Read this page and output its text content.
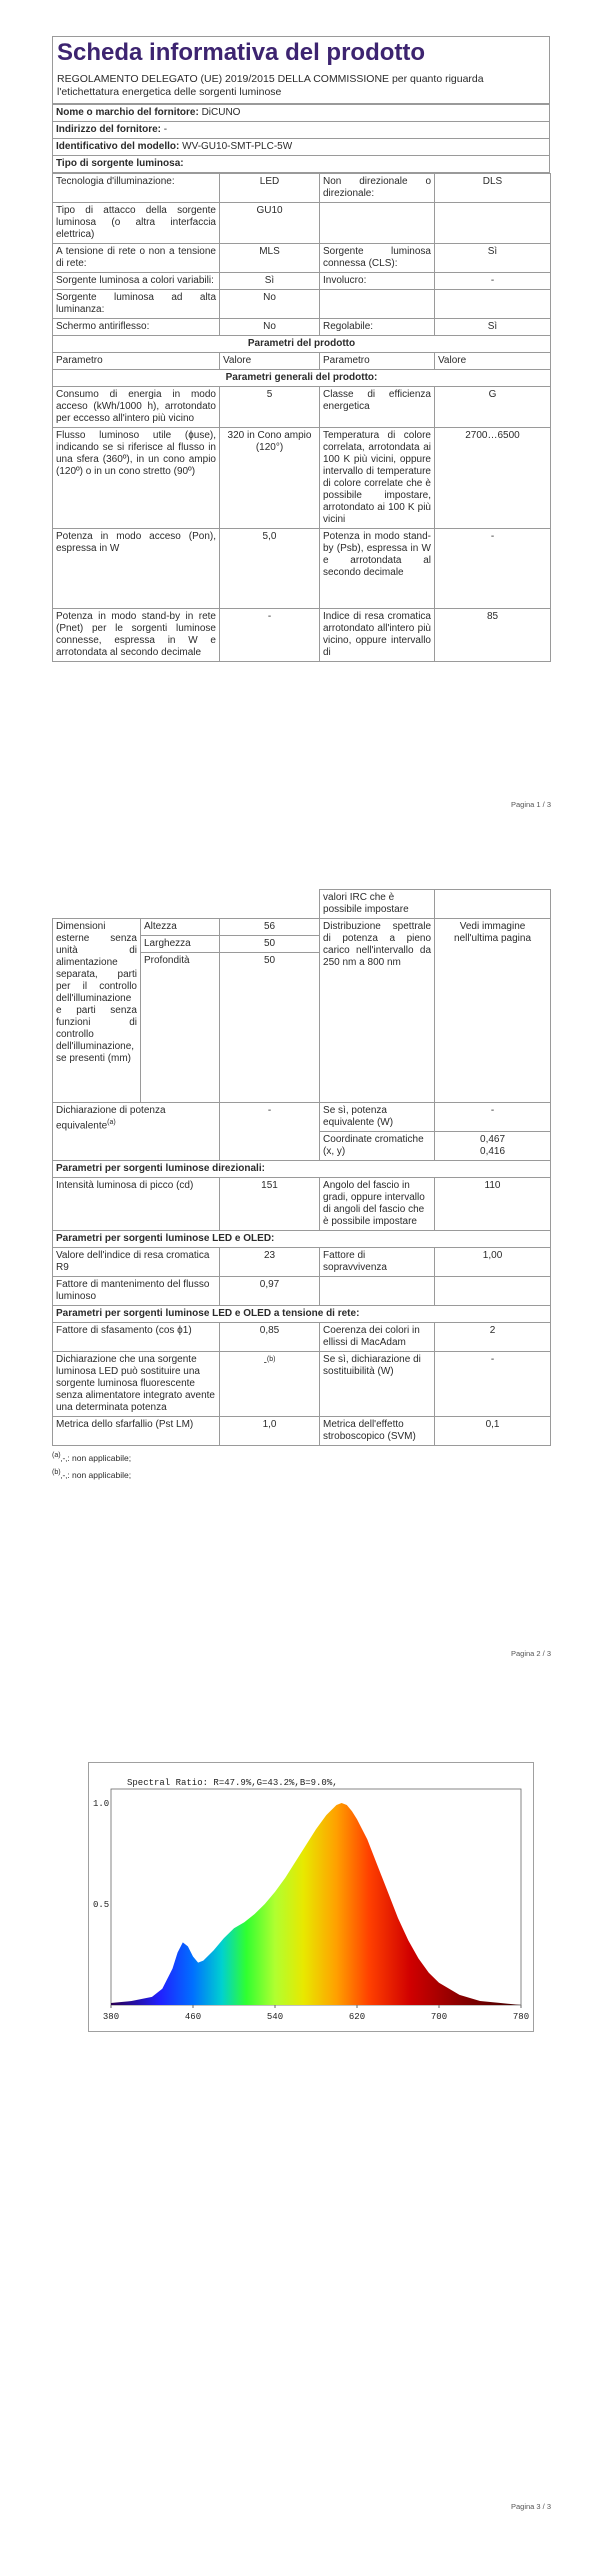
Scheda informativa del prodotto
REGOLAMENTO DELEGATO (UE) 2019/2015 DELLA COMMISSIONE per quanto riguarda l'etichettatura energetica delle sorgenti luminose
Nome o marchio del fornitore: DiCUNO
Indirizzo del fornitore: -
Identificativo del modello: WV-GU10-SMT-PLC-5W
Tipo di sorgente luminosa:
Tecnologia d'illuminazione:	LED	Non direzionale o direzionale:	DLS
Tipo di attacco della sorgente luminosa (o altra interfaccia elettrica)	GU10		
A tensione di rete o non a tensione di rete:	MLS	Sorgente luminosa connessa (CLS):	Sì
Sorgente luminosa a colori variabili:	Sì	Involucro:	-
Sorgente luminosa ad alta luminanza:	No		
Schermo antiriflesso:	No	Regolabile:	Sì
Parametri del prodotto			
Parametro	Valore	Parametro	Valore
Parametri generali del prodotto:			
Consumo di energia in modo acceso (kWh/1000 h), arrotondato per eccesso all'intero più vicino	5	Classe di efficienza energetica	G
Flusso luminoso utile (ɸuse), indicando se si riferisce al flusso in una sfera (360º), in un cono ampio (120º) o in un cono stretto (90º)	320 in Cono ampio (120°)	Temperatura di colore correlata, arrotondata ai 100 K più vicini, oppure intervallo di temperature di colore correlate che è possibile impostare, arrotondato ai 100 K più vicini	2700…6500
Potenza in modo acceso (Pon), espressa in W	5,0	Potenza in modo stand-by (Psb), espressa in W e arrotondata al secondo decimale	-
Potenza in modo stand-by in rete (Pnet) per le sorgenti luminose connesse, espressa in W e arrotondata al secondo decimale	-	Indice di resa cromatica arrotondato all'intero più vicino, oppure intervallo di	85
Pagina 1 / 3
			valori IRC che è possibile impostare	
Dimensioni esterne senza unità di alimentazione separata, parti per il controllo dell'illuminazione e parti senza funzioni di controllo dell'illuminazione, se presenti (mm)	Altezza	56	Distribuzione spettrale di potenza a pieno carico nell'intervallo da 250 nm a 800 nm	Vedi immagine nell'ultima pagina
	Larghezza	50		
	Profondità	50		
Dichiarazione di potenza equivalente$^{(a)}$		-	Se sì, potenza equivalente (W)	-
			Coordinate cromatiche (x, y)	0,467
0,416

Parametri per sorgenti luminose direzionali:				
Intensità luminosa di picco (cd)		151	Angolo del fascio in gradi, oppure intervallo di angoli del fascio che è possibile impostare	110
Parametri per sorgenti luminose LED e OLED:				
Valore dell'indice di resa cromatica R9		23	Fattore di sopravvivenza	1,00
Fattore di mantenimento del flusso luminoso		0,97		
Parametri per sorgenti luminose LED e OLED a tensione di rete:				
Fattore di sfasamento (cos ϕ1)		0,85	Coerenza dei colori in ellissi di MacAdam	2
Dichiarazione che una sorgente luminosa LED può sostituire una sorgente luminosa fluorescente senza alimentatore integrato avente una determinata potenza		-$^{(b)}$	Se sì, dichiarazione di sostituibilità (W)	-
Metrica dello sfarfallio (Pst LM)		1,0	Metrica dell'effetto stroboscopico (SVM)	0,1
$^{(a)}$‚-‚: non applicabile;
$^{(b)}$‚-‚: non applicabile;
Pagina 2 / 3
Pagina 3 / 3
380	460	540	620	700	780
0.5
1.0
Spectral Ratio: R=47.9%,G=43.2%,B=9.0%,
